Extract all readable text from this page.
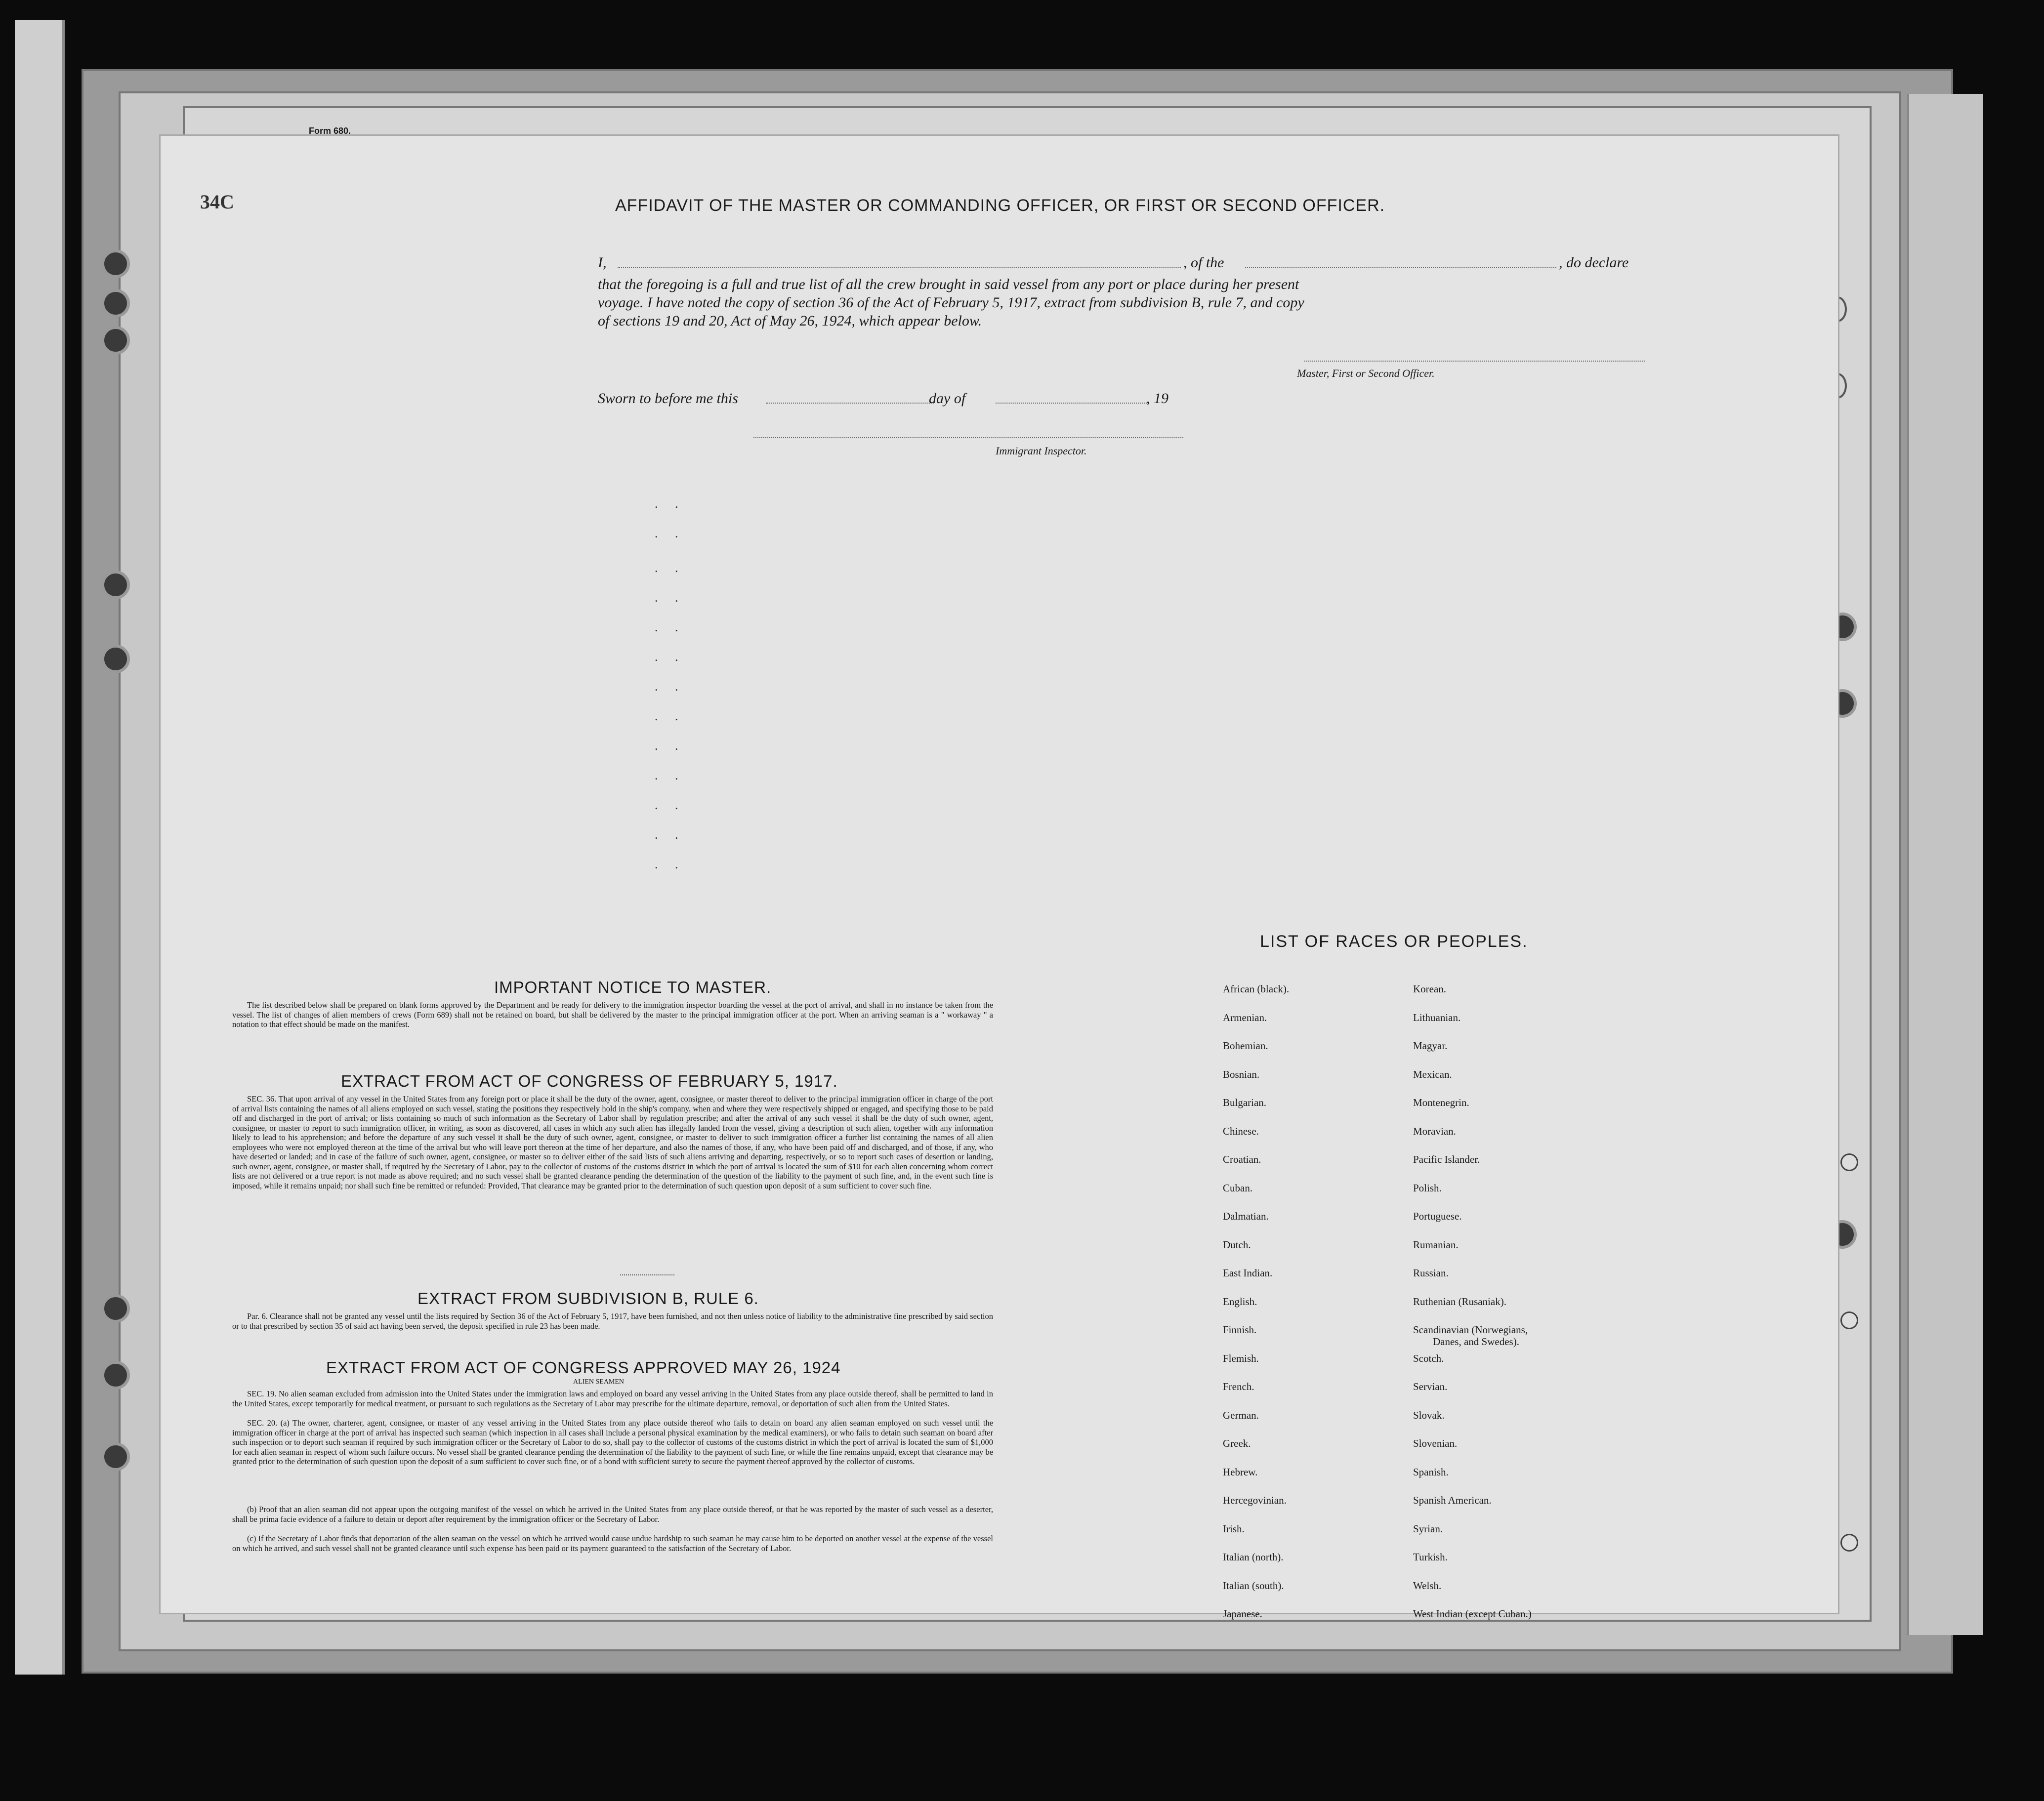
Form 680.
34C	AFFIDAVIT OF THE MASTER OR COMMANDING OFFICER, OR FIRST OR SECOND OFFICER.
I,	, of the	, do declare
that the foregoing is a full and true list of all the crew brought in said vessel from any port or place during her present
voyage. I have noted the copy of section 36 of the Act of February 5, 1917, extract from subdivision B, rule 7, and copy
of sections 19 and 20, Act of May 26, 1924, which appear below.
Master, First or Second Officer.
Sworn to before me this	day of	, 19
Immigrant Inspector.
. .
. .
. .
. .
. .
. .
. .
. .
. .
. .
. .
. .
. .
IMPORTANT NOTICE TO MASTER.

The list described below shall be prepared on blank forms approved by the Department and be ready for delivery to the immigration inspector boarding the vessel at the port of arrival, and shall in no instance be taken from the vessel. The list of changes of alien members of crews (Form 689) shall not be retained on board, but shall be delivered by the master to the principal immigration officer at the port. When an arriving seaman is a " workaway " a notation to that effect should be made on the manifest.

EXTRACT FROM ACT OF CONGRESS OF FEBRUARY 5, 1917.

SEC. 36. That upon arrival of any vessel in the United States from any foreign port or place it shall be the duty of the owner, agent, consignee, or master thereof to deliver to the principal immigration officer in charge of the port of arrival lists containing the names of all aliens employed on such vessel, stating the positions they respectively hold in the ship's company, when and where they were respectively shipped or engaged, and specifying those to be paid off and discharged in the port of arrival; or lists containing so much of such information as the Secretary of Labor shall by regulation prescribe; and after the arrival of any such vessel it shall be the duty of such owner, agent, consignee, or master to report to such immigration officer, in writing, as soon as discovered, all cases in which any such alien has illegally landed from the vessel, giving a description of such alien, together with any information likely to lead to his apprehension; and before the departure of any such vessel it shall be the duty of such owner, agent, consignee, or master to deliver to such immigration officer a further list containing the names of all alien employees who were not employed thereon at the time of the arrival but who will leave port thereon at the time of her departure, and also the names of those, if any, who have been paid off and discharged, and of those, if any, who have deserted or landed; and in case of the failure of such owner, agent, consignee, or master so to deliver either of the said lists of such aliens arriving and departing, respectively, or so to report such cases of desertion or landing, such owner, agent, consignee, or master shall, if required by the Secretary of Labor, pay to the collector of customs of the customs district in which the port of arrival is located the sum of $10 for each alien concerning whom correct lists are not delivered or a true report is not made as above required; and no such vessel shall be granted clearance pending the determination of the question of the liability to the payment of such fine, and, in the event such fine is imposed, while it remains unpaid; nor shall such fine be remitted or refunded: Provided, That clearance may be granted prior to the determination of such question upon deposit of a sum sufficient to cover such fine.

EXTRACT FROM SUBDIVISION B, RULE 6.

Par. 6. Clearance shall not be granted any vessel until the lists required by Section 36 of the Act of February 5, 1917, have been furnished, and not then unless notice of liability to the administrative fine prescribed by said section or to that prescribed by section 35 of said act having been served, the deposit specified in rule 23 has been made.

EXTRACT FROM ACT OF CONGRESS APPROVED MAY 26, 1924
ALIEN SEAMEN

SEC. 19. No alien seaman excluded from admission into the United States under the immigration laws and employed on board any vessel arriving in the United States from any place outside thereof, shall be permitted to land in the United States, except temporarily for medical treatment, or pursuant to such regulations as the Secretary of Labor may prescribe for the ultimate departure, removal, or deportation of such alien from the United States.

SEC. 20. (a) The owner, charterer, agent, consignee, or master of any vessel arriving in the United States from any place outside thereof who fails to detain on board any alien seaman employed on such vessel until the immigration officer in charge at the port of arrival has inspected such seaman (which inspection in all cases shall include a personal physical examination by the medical examiners), or who fails to detain such seaman on board after such inspection or to deport such seaman if required by such immigration officer or the Secretary of Labor to do so, shall pay to the collector of customs of the customs district in which the port of arrival is located the sum of $1,000 for each alien seaman in respect of whom such failure occurs. No vessel shall be granted clearance pending the determination of the liability to the payment of such fine, or while the fine remains unpaid, except that clearance may be granted prior to the determination of such question upon the deposit of a sum sufficient to cover such fine, or of a bond with sufficient surety to secure the payment thereof approved by the collector of customs.

(b) Proof that an alien seaman did not appear upon the outgoing manifest of the vessel on which he arrived in the United States from any place outside thereof, or that he was reported by the master of such vessel as a deserter, shall be prima facie evidence of a failure to detain or deport after requirement by the immigration officer or the Secretary of Labor.

(c) If the Secretary of Labor finds that deportation of the alien seaman on the vessel on which he arrived would cause undue hardship to such seaman he may cause him to be deported on another vessel at the expense of the vessel on which he arrived, and such vessel shall not be granted clearance until such expense has been paid or its payment guaranteed to the satisfaction of the Secretary of Labor.

LIST OF RACES OR PEOPLES.
African (black).
Armenian.
Bohemian.
Bosnian.
Bulgarian.
Chinese.
Croatian.
Cuban.
Dalmatian.
Dutch.
East Indian.
English.
Finnish.
Flemish.
French.
German.
Greek.
Hebrew.
Hercegovinian.
Irish.
Italian (north).
Italian (south).
Japanese.
Korean.
Lithuanian.
Magyar.
Mexican.
Montenegrin.
Moravian.
Pacific Islander.
Polish.
Portuguese.
Rumanian.
Russian.
Ruthenian (Rusaniak).
Scandinavian (Norwegians,
Danes, and Swedes).
Scotch.
Servian.
Slovak.
Slovenian.
Spanish.
Spanish American.
Syrian.
Turkish.
Welsh.
West Indian (except Cuban.)
